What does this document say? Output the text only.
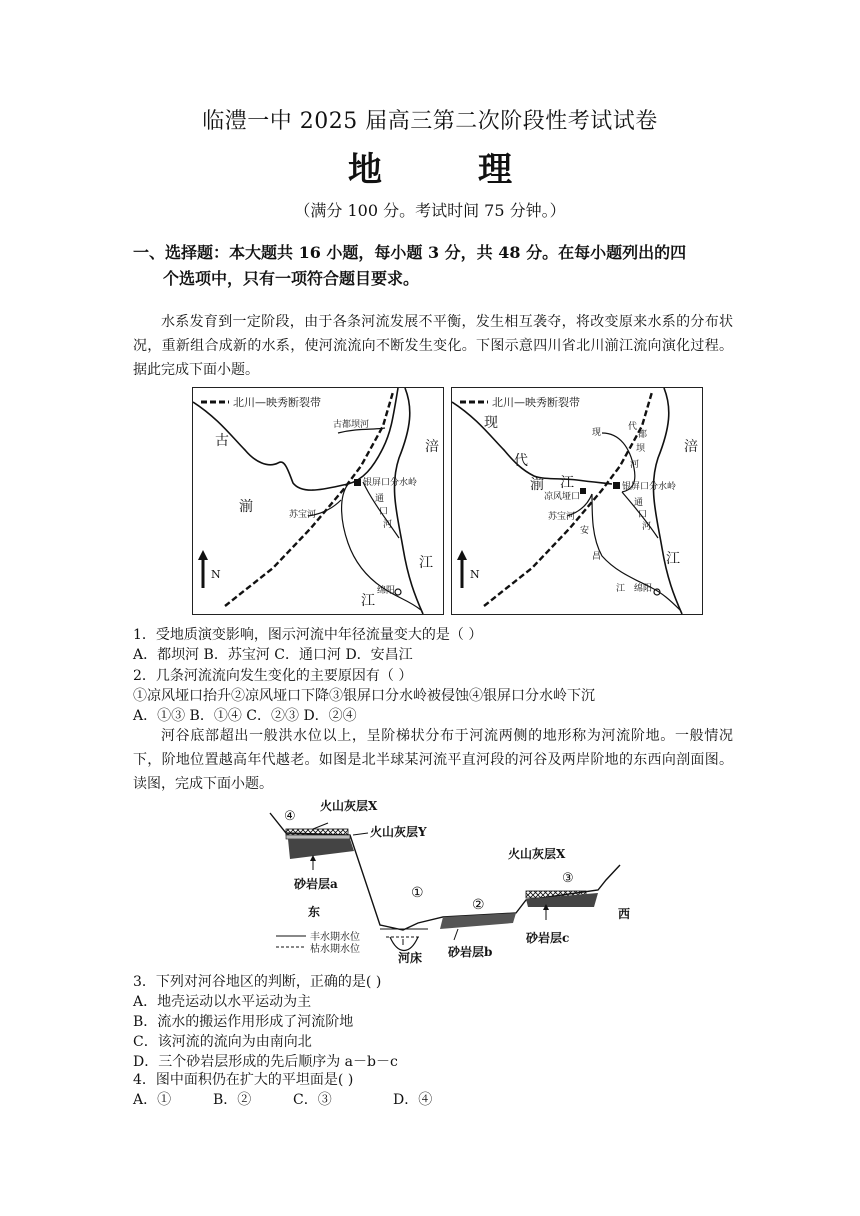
临澧一中 2025 届高三第二次阶段性考试试卷
地	理
（满分 100 分。考试时间 75 分钟。）
一、选择题：本大题共 16 小题，每小题 3 分，共 48 分。在每小题列出的四
个选项中，只有一项符合题目要求。
水系发育到一定阶段，由于各条河流发展不平衡，发生相互袭夺，将改变原来水系的分布状况，重新组合成新的水系，使河流流向不断发生变化。下图示意四川省北川湔江流向演化过程。据此完成下面小题。
北川—映秀断裂带
古都坝河
古
湔
涪
银屏口分水岭
通
口
河
苏宝河
江
江
绵阳
N
北川—映秀断裂带
现
代
湔 江
现	都
代
坝
河
涪
凉风垭口
银屏口分水岭
苏宝河
通
口
河
安
昌
江
江
绵阳
N
1．受地质演变影响，图示河流中年径流量变大的是（ ）
A．都坝河 B．苏宝河 C．通口河 D．安昌江
2．几条河流流向发生变化的主要原因有（ ）
①凉风垭口抬升②凉风垭口下降③银屏口分水岭被侵蚀④银屏口分水岭下沉
A．①③ B．①④ C．②③ D．②④
河谷底部超出一般洪水位以上，呈阶梯状分布于河流两侧的地形称为河流阶地。一般情况下，阶地位置越高年代越老。如图是北半球某河流平直河段的河谷及两岸阶地的东西向剖面图。读图，完成下面小题。
火山灰层X
④
火山灰层Y
砂岩层a
东
丰水期水位
枯水期水位
①
②
火山灰层X
③
西
砂岩层c
砂岩层b
河床
3．下列对河谷地区的判断，正确的是( )
A．地壳运动以水平运动为主
B．流水的搬运作用形成了河流阶地
C．该河流的流向为由南向北
D．三个砂岩层形成的先后顺序为 a－b－c
4．图中面积仍在扩大的平坦面是( )
A．①	B．②	C．③	D．④
